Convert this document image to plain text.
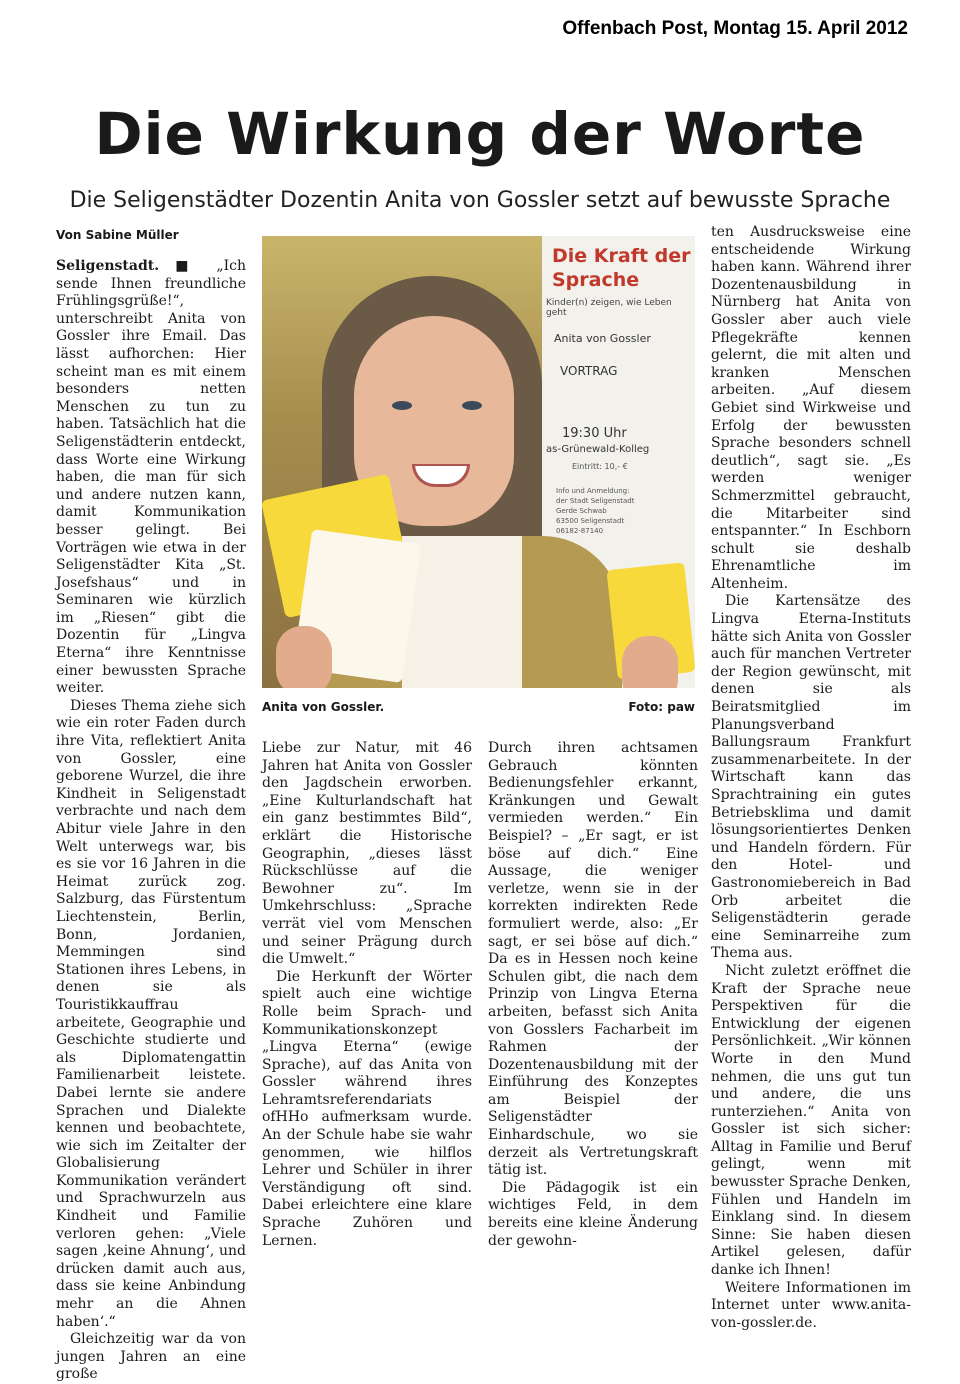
Offenbach Post, Montag 15. April 2012
Die Wirkung der Worte
Die Seligenstädter Dozentin Anita von Gossler setzt auf bewusste Sprache
Von Sabine Müller

Seligenstadt. ■ „Ich sende Ihnen freundliche Frühlingsgrüße!“, unterschreibt Anita von Gossler ihre Email. Das lässt aufhorchen: Hier scheint man es mit einem besonders netten Menschen zu tun zu haben. Tatsächlich hat die Seligenstädterin entdeckt, dass Worte eine Wirkung haben, die man für sich und andere nutzen kann, damit Kommunikation besser gelingt. Bei Vorträgen wie etwa in der Seligenstädter Kita „St. Josefshaus“ und in Seminaren wie kürzlich im „Riesen“ gibt die Dozentin für „Lingva Eterna“ ihre Kenntnisse einer bewussten Sprache weiter.

Dieses Thema ziehe sich wie ein roter Faden durch ihre Vita, reflektiert Anita von Gossler, eine geborene Wurzel, die ihre Kindheit in Seligenstadt verbrachte und nach dem Abitur viele Jahre in den Welt unterwegs war, bis es sie vor 16 Jahren in die Heimat zurück zog. Salzburg, das Fürstentum Liechtenstein, Berlin, Bonn, Jordanien, Memmingen sind Stationen ihres Lebens, in denen sie als Touristikkauffrau arbeitete, Geographie und Geschichte studierte und als Diplomatengattin Familienarbeit leistete. Dabei lernte sie andere Sprachen und Dialekte kennen und beobachtete, wie sich im Zeitalter der Globalisierung Kommunikation verändert und Sprachwurzeln aus Kindheit und Familie verloren gehen: „Viele sagen ‚keine Ahnung‘, und drücken damit auch aus, dass sie keine Anbindung mehr an die Ahnen haben‘.“

Gleichzeitig war da von jungen Jahren an eine große

Die Kraft der Sprache
Kinder(n) zeigen, wie Leben geht
Anita von Gossler
VORTRAG
19:30 Uhr
as-Grünewald-Kolleg
Eintritt: 10,- €
Info und Anmeldung:
der Stadt Seligenstadt
Gerde Schwab
63500 Seligenstadt
06182-87140
Anita von Gossler.	Foto: paw

Liebe zur Natur, mit 46 Jahren hat Anita von Gossler den Jagdschein erworben. „Eine Kulturlandschaft hat ein ganz bestimmtes Bild“, erklärt die Historische Geographin, „dieses lässt Rückschlüsse auf die Bewohner zu“. Im Umkehrschluss: „Sprache verrät viel vom Menschen und seiner Prägung durch die Umwelt.“

Die Herkunft der Wörter spielt auch eine wichtige Rolle beim Sprach- und Kommunikationskonzept „Lingva Eterna“ (ewige Sprache), auf das Anita von Gossler während ihres Lehramtsreferendariats ofHHo aufmerksam wurde. An der Schule habe sie wahr genommen, wie hilflos Lehrer und Schüler in ihrer Verständigung oft sind. Dabei erleichtere eine klare Sprache Zuhören und Lernen.

Durch ihren achtsamen Gebrauch könnten Bedienungsfehler erkannt, Kränkungen und Gewalt vermieden werden.“ Ein Beispiel? – „Er sagt, er ist böse auf dich.“ Eine Aussage, die weniger verletze, wenn sie in der korrekten indirekten Rede formuliert werde, also: „Er sagt, er sei böse auf dich.“ Da es in Hessen noch keine Schulen gibt, die nach dem Prinzip von Lingva Eterna arbeiten, befasst sich Anita von Gosslers Facharbeit im Rahmen der Dozentenausbildung mit der Einführung des Konzeptes am Beispiel der Seligenstädter Einhardschule, wo sie derzeit als Vertretungskraft tätig ist.

Die Pädagogik ist ein wichtiges Feld, in dem bereits eine kleine Änderung der gewohn-

ten Ausdrucksweise eine entscheidende Wirkung haben kann. Während ihrer Dozentenausbildung in Nürnberg hat Anita von Gossler aber auch viele Pflegekräfte kennen gelernt, die mit alten und kranken Menschen arbeiten. „Auf diesem Gebiet sind Wirkweise und Erfolg der bewussten Sprache besonders schnell deutlich“, sagt sie. „Es werden weniger Schmerzmittel gebraucht, die Mitarbeiter sind entspannter.“ In Eschborn schult sie deshalb Ehrenamtliche im Altenheim.

Die Kartensätze des Lingva Eterna-Instituts hätte sich Anita von Gossler auch für manchen Vertreter der Region gewünscht, mit denen sie als Beiratsmitglied im Planungsverband Ballungsraum Frankfurt zusammenarbeitete. In der Wirtschaft kann das Sprachtraining ein gutes Betriebsklima und damit lösungsorientiertes Denken und Handeln fördern. Für den Hotel- und Gastronomiebereich in Bad Orb arbeitet die Seligenstädterin gerade eine Seminarreihe zum Thema aus.

Nicht zuletzt eröffnet die Kraft der Sprache neue Perspektiven für die Entwicklung der eigenen Persönlichkeit. „Wir können Worte in den Mund nehmen, die uns gut tun und andere, die uns runterziehen.“ Anita von Gossler ist sich sicher: Alltag in Familie und Beruf gelingt, wenn mit bewusster Sprache Denken, Fühlen und Handeln im Einklang sind. In diesem Sinne: Sie haben diesen Artikel gelesen, dafür danke ich Ihnen!

Weitere Informationen im Internet unter www.anita-von-gossler.de.
